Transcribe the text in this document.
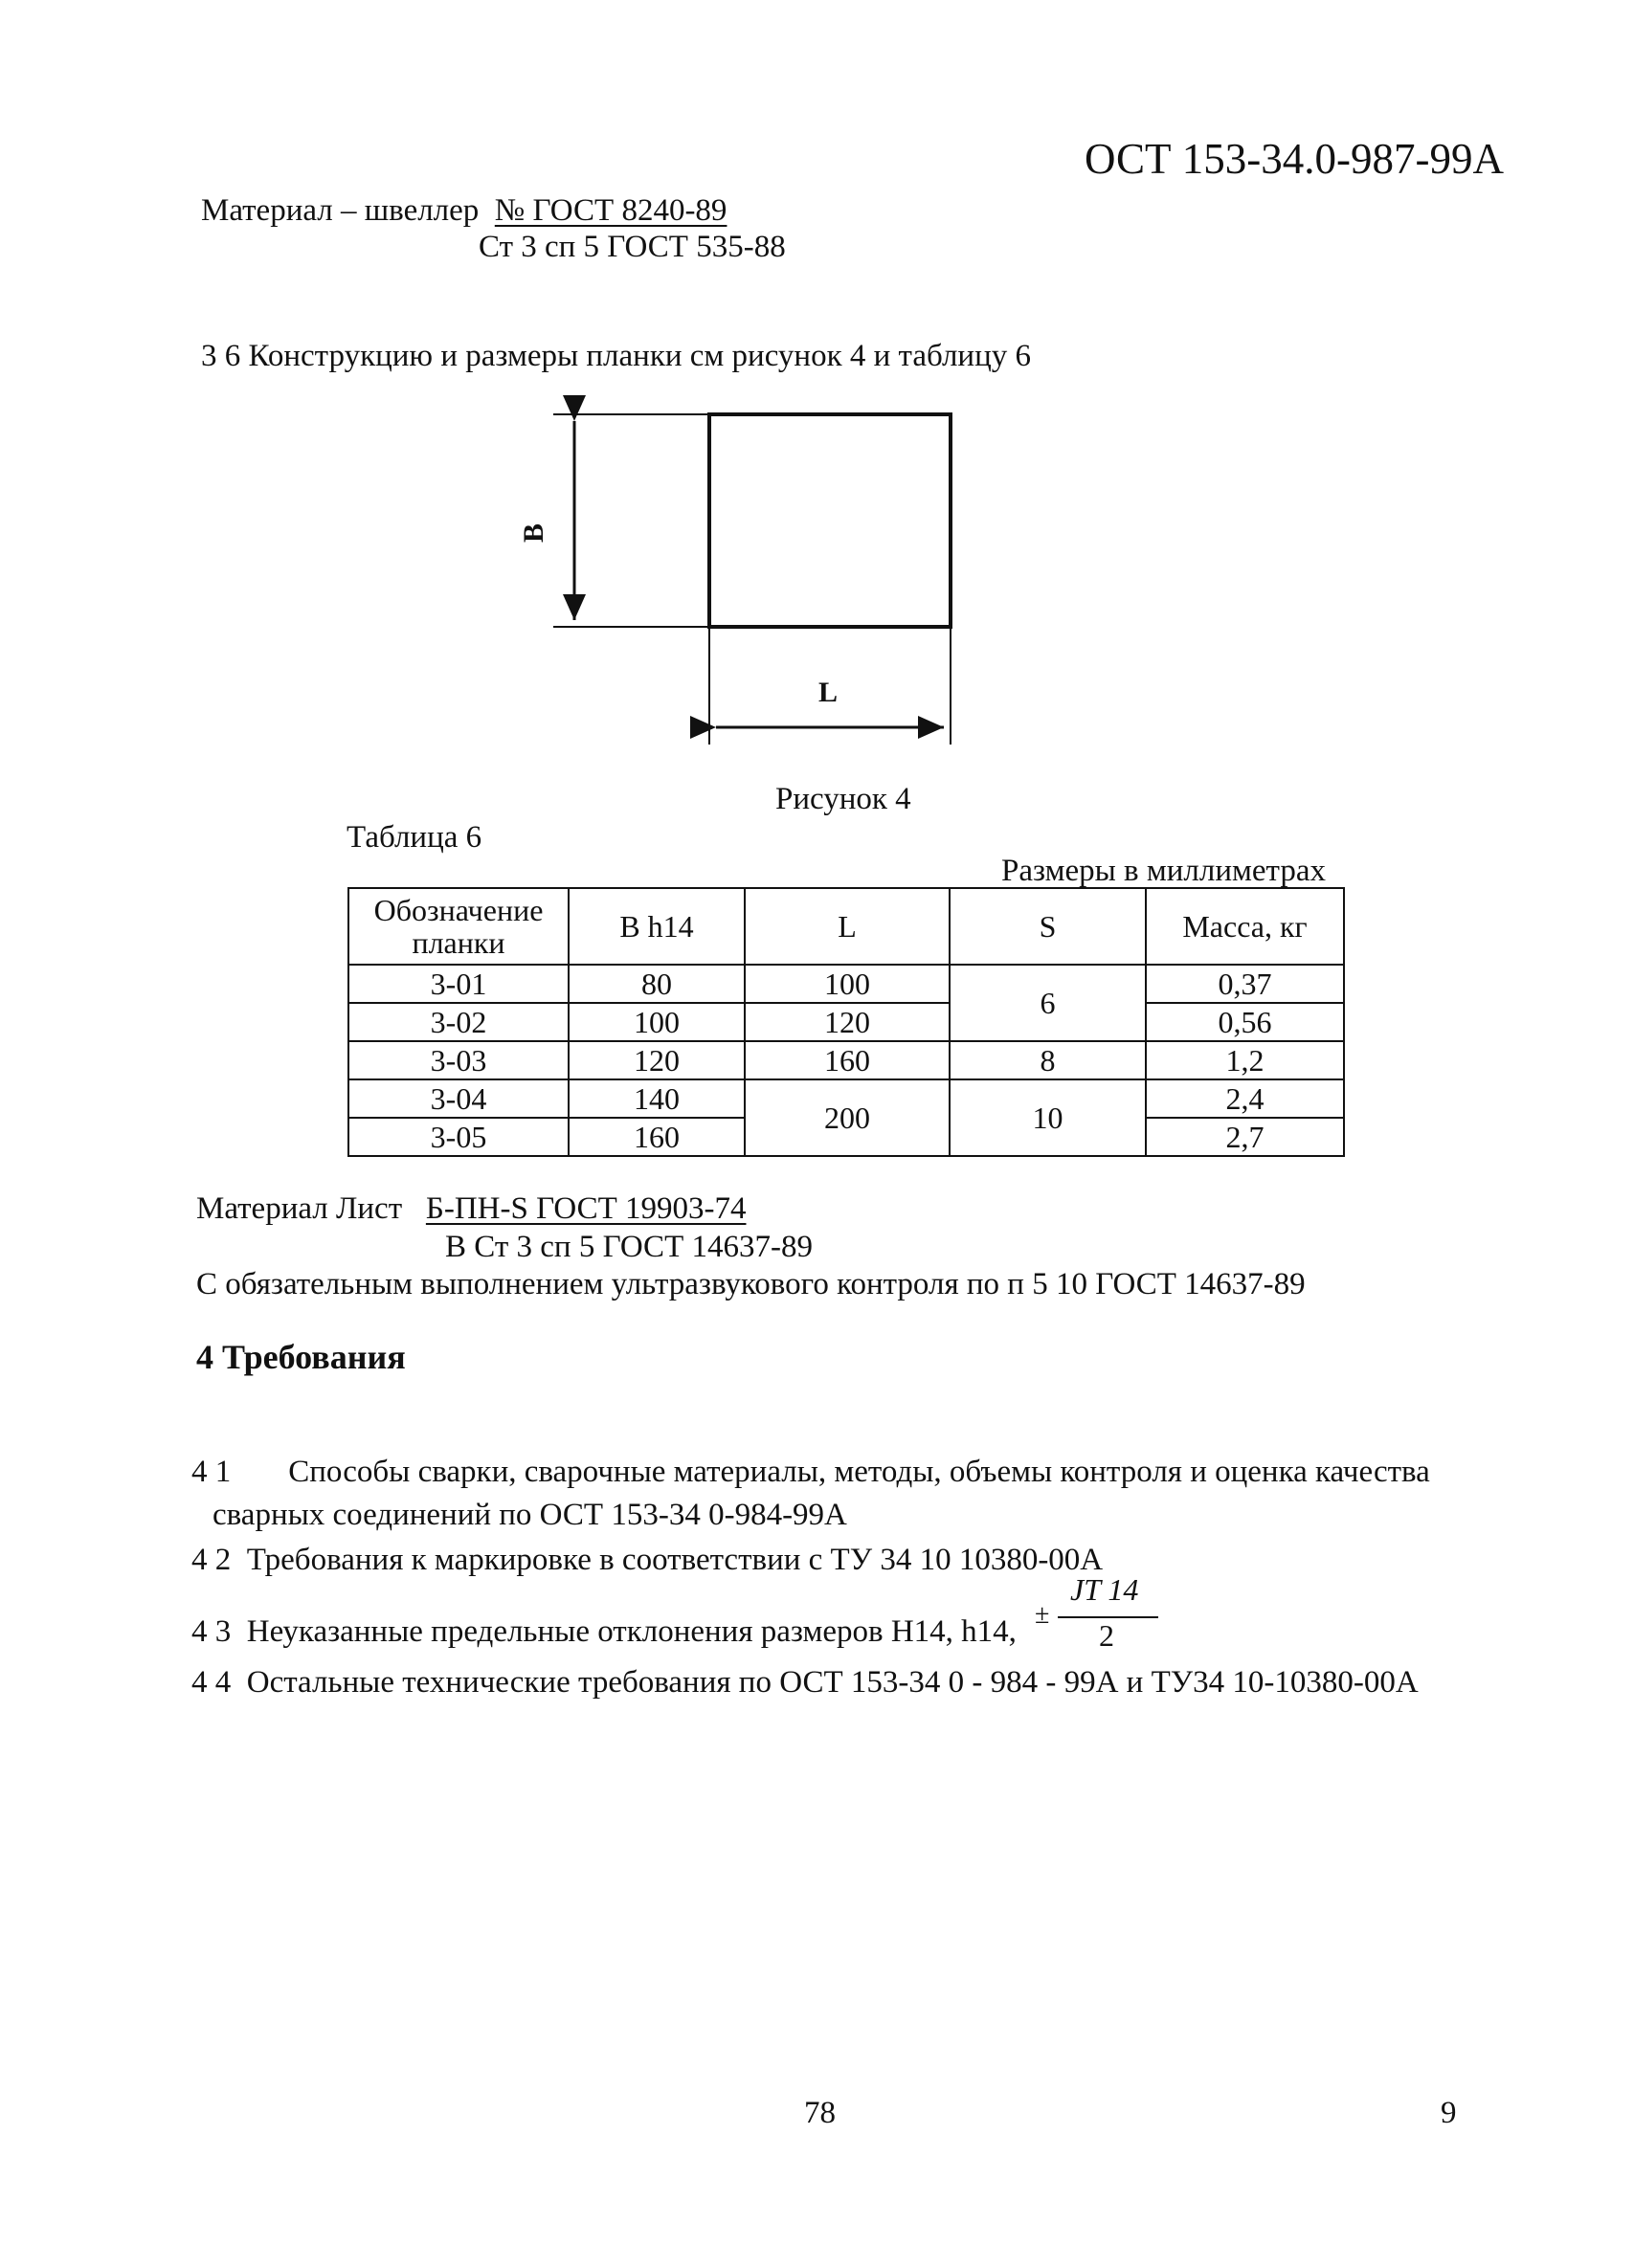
ОСТ 153-34.0-987-99А
Материал – швеллер № ГОСТ 8240-89
Ст 3 сп 5 ГОСТ 535-88
3 6 Конструкцию и размеры планки см рисунок 4 и таблицу 6
B
L
Рисунок 4
Таблица 6
Размеры в миллиметрах
Обозначение планки	B h14	L	S	Масса, кг
3-01	80	100	6	0,37
3-02	100	120		0,56
3-03	120	160	8	1,2
3-04	140	200	10	2,4
3-05	160			2,7
Материал Лист Б-ПН-S ГОСТ 19903-74
В Ст 3 сп 5 ГОСТ 14637-89
С обязательным выполнением ультразвукового контроля по п 5 10 ГОСТ 14637-89
4 Требования
4 1 Способы сварки, сварочные материалы, методы, объемы контроля и оценка качества
сварных соединений по ОСТ 153-34 0-984-99А
4 2 Требования к маркировке в соответствии с ТУ 34 10 10380-00А
4 3 Неуказанные предельные отклонения размеров Н14, h14, ±
JT 14
2
4 4 Остальные технические требования по ОСТ 153-34 0 - 984 - 99А и ТУ34 10-10380-00А
78	9
